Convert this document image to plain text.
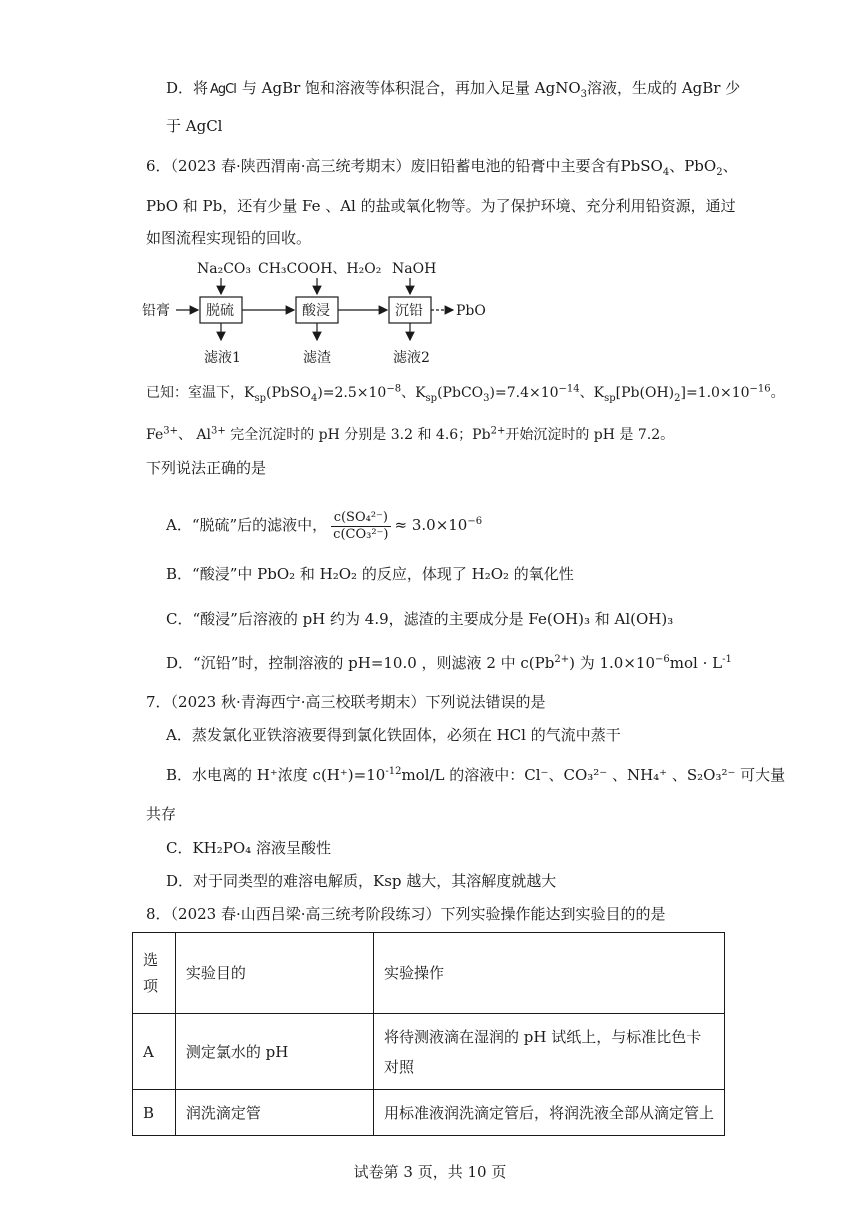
D．将 AgCl 与 AgBr 饱和溶液等体积混合，再加入足量 AgNO$_3$溶液，生成的 AgBr 少
于 AgCl
6．（2023 春·陕西渭南·高三统考期末）废旧铅蓄电池的铅膏中主要含有PbSO$_4$、PbO$_2$、
PbO 和 Pb，还有少量 Fe 、Al 的盐或氧化物等。为了保护环境、充分利用铅资源，通过
如图流程实现铅的回收。
Na₂CO₃ CH₃COOH、H₂O₂ NaOH
铅膏	脱硫	酸浸	沉铅 PbO
滤液1	滤渣	滤液2
已知：室温下，$K_{sp}(PbSO_4)=2.5\times 10^{-8}$、$K_{sp}(PbCO_3)=7.4\times 10^{-14}$、$K_{sp}[Pb(OH)_2]=1.0\times 10^{-16}$。
$Fe^{3+}$、 $Al^{3+}$ 完全沉淀时的 pH 分别是 3.2 和 4.6；$Pb^{2+}$开始沉淀时的 pH 是 7.2。
下列说法正确的是
A．“脱硫”后的滤液中， $\frac{\text{c(SO₄²⁻)}}{\text{c(CO₃²⁻)}} \approx 3.0\times 10^{-6}$
B．“酸浸”中 PbO₂ 和 H₂O₂ 的反应，体现了 H₂O₂ 的氧化性
C．“酸浸”后溶液的 pH 约为 4.9，滤渣的主要成分是 Fe(OH)₃ 和 Al(OH)₃
D．“沉铅”时，控制溶液的 pH=10.0 ，则滤液 2 中 $c(Pb^{2+})$ 为 $1.0\times 10^{-6}mol \cdot L^{-1}$
7．（2023 秋·青海西宁·高三校联考期末）下列说法错误的是
A．蒸发氯化亚铁溶液要得到氯化铁固体，必须在 HCl 的气流中蒸干
B．水电离的 H⁺浓度 $c(H^+)=10^{-12}mol/L$ 的溶液中：Cl⁻、CO₃²⁻ 、NH₄⁺ 、S₂O₃²⁻ 可大量
共存
C．KH₂PO₄ 溶液呈酸性
D．对于同类型的难溶电解质，Ksp 越大，其溶解度就越大
8．（2023 春·山西吕梁·高三统考阶段练习）下列实验操作能达到实验目的的是
选项	实验目的	实验操作
A	测定氯水的 pH	将待测液滴在湿润的 pH 试纸上，与标准比色卡对照
B	润洗滴定管	用标准液润洗滴定管后，将润洗液全部从滴定管上
试卷第 3 页，共 10 页
